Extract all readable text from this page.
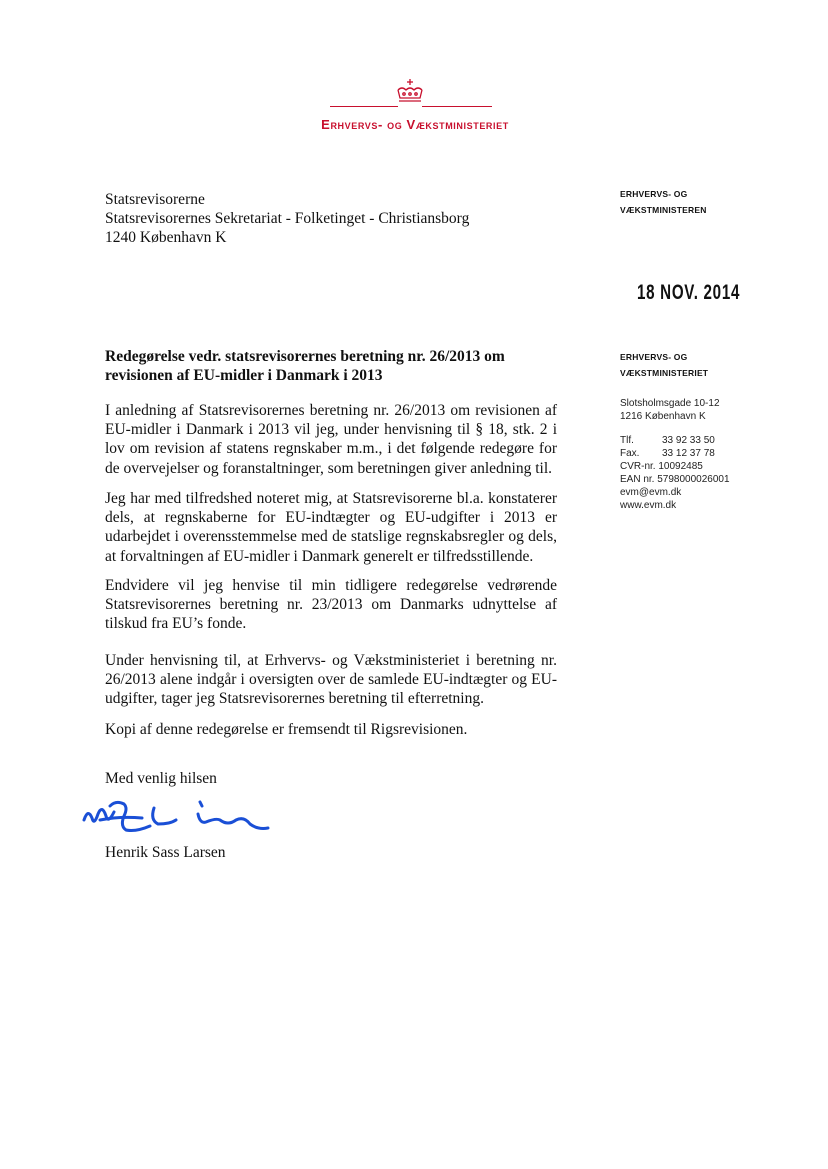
Erhvervs- og Vækstministeriet
Statsrevisorerne
Statsrevisorernes Sekretariat - Folketinget - Christiansborg
1240 København K
ERHVERVS- OG
VÆKSTMINISTEREN
18 NOV. 2014
ERHVERVS- OG
VÆKSTMINISTERIET
Slotsholmsgade 10-12
1216 København K
Tlf.	33 92 33 50
Fax. 33 12 37 78
CVR-nr. 10092485
EAN nr. 5798000026001
evm@evm.dk
www.evm.dk
Redegørelse vedr. statsrevisorernes beretning nr. 26/2013 om revisionen af EU-midler i Danmark i 2013
I anledning af Statsrevisorernes beretning nr. 26/2013 om revisionen af EU-midler i Danmark i 2013 vil jeg, under henvisning til § 18, stk. 2 i lov om revision af statens regnskaber m.m., i det følgende redegøre for de overvejelser og foranstaltninger, som beretningen giver anledning til.
Jeg har med tilfredshed noteret mig, at Statsrevisorerne bl.a. konstaterer dels, at regnskaberne for EU-indtægter og EU-udgifter i 2013 er udarbejdet i overensstemmelse med de statslige regnskabsregler og dels, at forvaltningen af EU-midler i Danmark generelt er tilfredsstillende.
Endvidere vil jeg henvise til min tidligere redegørelse vedrørende Statsrevisorernes beretning nr. 23/2013 om Danmarks udnyttelse af tilskud fra EU’s fonde.
Under henvisning til, at Erhvervs- og Vækstministeriet i beretning nr. 26/2013 alene indgår i oversigten over de samlede EU-indtægter og EU-udgifter, tager jeg Statsrevisorernes beretning til efterretning.
Kopi af denne redegørelse er fremsendt til Rigsrevisionen.
Med venlig hilsen
Henrik Sass Larsen
